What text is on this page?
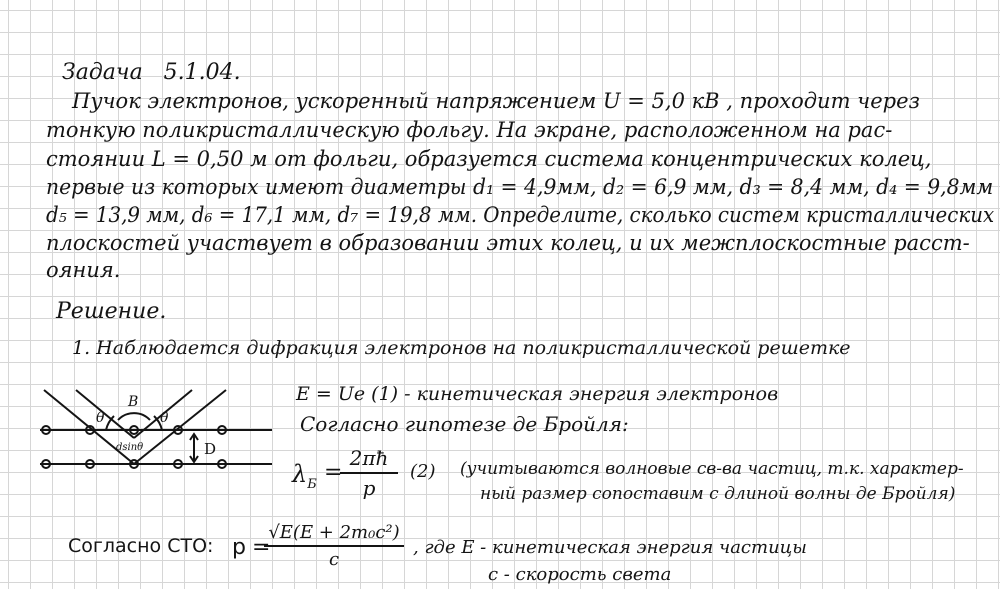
Задача 5.1.04.

Пучок электронов, ускоренный напряжением U = 5,0 кВ , проходит через

тонкую поликристаллическую фольгу. На экране, расположенном на рас-

стоянии L = 0,50 м от фольги, образуется система концентрических колец,

первые из которых имеют диаметры d₁ = 4,9мм, d₂ = 6,9 мм, d₃ = 8,4 мм, d₄ = 9,8мм

d₅ = 13,9 мм, d₆ = 17,1 мм, d₇ = 19,8 мм. Определите, сколько систем кристаллических

плоскостей участвует в образовании этих колец, и их межплоскостные расст-

ояния.

Решение.

1. Наблюдается дифракция электронов на поликристаллической решетке

θ	θ
B
D
dsinθ

E = Ue (1) - кинетическая энергия электронов

Согласно гипотезе де Бройля:

$\lambda_Б$ =
$\frac{2\pi ħ}{p} (2)$ (учитываются волновые св-ва частиц, т.к. характер-

ный размер сопоставим с длиной волны де Бройля)

Согласно СТО: p =
$\frac{\text{√E(E + 2m₀c²)}}{c}$ , где E - кинетическая энергия частицы

c - скорость света
